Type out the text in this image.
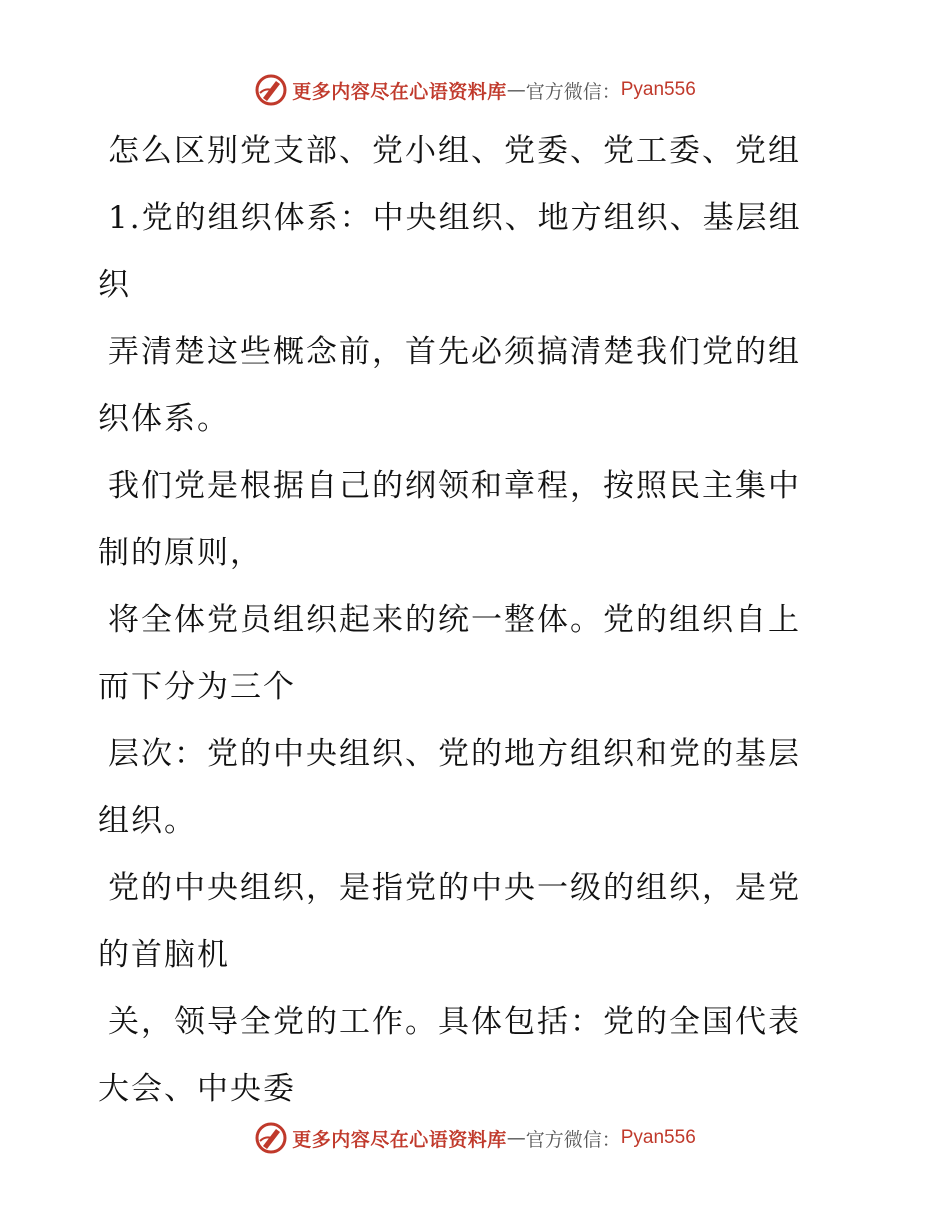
更多内容尽在心语资料库 — 官方微信： Pyan556

怎么区别党支部、党小组、党委、党工委、党组

1.党的组织体系：中央组织、地方组织、基层组织

弄清楚这些概念前，首先必须搞清楚我们党的组织体系。

我们党是根据自己的纲领和章程，按照民主集中制的原则，

将全体党员组织起来的统一整体。党的组织自上而下分为三个

层次：党的中央组织、党的地方组织和党的基层组织。

党的中央组织，是指党的中央一级的组织，是党的首脑机

关，领导全党的工作。具体包括：党的全国代表大会、中央委

更多内容尽在心语资料库 — 官方微信： Pyan556
